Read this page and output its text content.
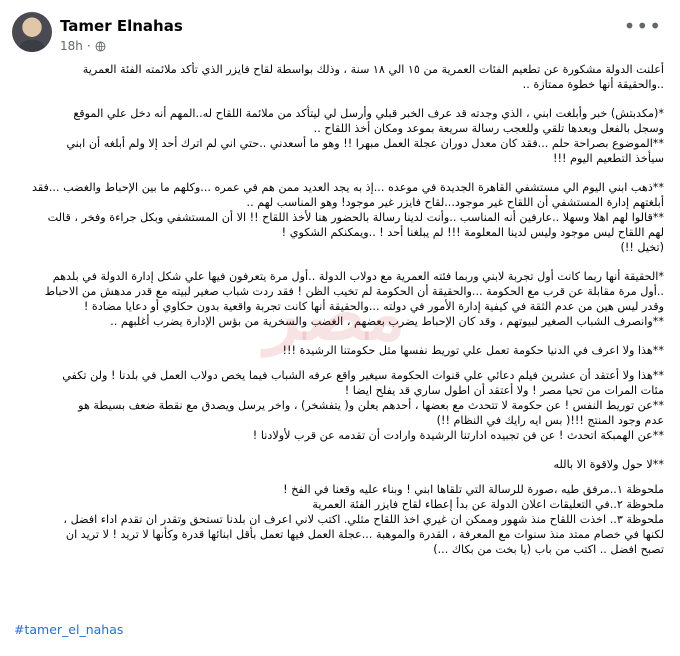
Tamer Elnahas
18h ·
•••

أعلنت الدولة مشكورة عن تطعيم الفئات العمرية من ١٥ الي ١٨ سنة ، وذلك بواسطة لقاح فايزر الذي تأكد ملائمته الفئة العمرية
..والحقيقة أنها خطوة ممتازة ..

*(مكدبتش) خبر وأبلغت ابني ، الذي وجدته قد عرف الخبر قبلي وأرسل لي ليتأكد من ملائمة اللقاح له..المهم أنه دخل علي الموقع
وسجل بالفعل وبعدها تلقي وللعجب رسالة سريعة بموعد ومكان أخذ اللقاح ..
**الموضوع بصراحة حلم ...فقد كان معدل دوران عجلة العمل مبهرا !! وهو ما أسعدني ..حتي اني لم اترك أحد إلا ولم أبلغه أن ابني
سيأخذ التطعيم اليوم !!!

**ذهب ابني اليوم الي مستشفي القاهرة الجديدة في موعده ...إذ به يجد العديد ممن هم في عمره ...وكلهم ما بين الإحباط والغضب ...فقد
أبلغتهم إدارة المستشفي أن اللقاح غير موجود...لقاح فايزر غير موجود! وهو المناسب لهم ..
**قالوا لهم اهلا وسهلا ..عارفين أنه المناسب ..وأنت لدينا رسالة بالحضور هنا لأخذ اللقاح !! الا أن المستشفي وبكل جراءة وفخر ، قالت
لهم اللقاح ليس موجود وليس لدينا المعلومة !!! لم يبلغنا أحد ! ..ويمكنكم الشكوي !
(تخيل !!)

*الحقيقة أنها ربما كانت أول تجربة لابني وربما فئته العمرية مع دولاب الدولة ..أول مرة يتعرفون فيها علي شكل إدارة الدولة في بلدهم
..أول مرة مقابلة عن قرب مع الحكومة ...والحقيقة أن الحكومة لم تخيب الظن ! فقد ردت شباب صغير لبيته مع قدر مدهش من الاحباط
وقدر ليس هين من عدم الثقة في كيفية إدارة الأمور في دولته ...والحقيقة أنها كانت تجربة واقعية بدون حكاوي أو دعايا مضادة !
**وانصرف الشباب الصغير لبيوتهم ، وقد كان الإحباط يضرب بعضهم ، الغضب والسخرية من بؤس الإدارة يضرب أغلبهم ..

**هذا ولا اعرف في الدنيا حكومة تعمل علي توريط نفسها مثل حكومتنا الرشيدة !!!

**هذا ولا أعتقد أن عشرين فيلم دعائي علي قنوات الحكومة سيغير واقع عرفه الشباب فيما يخص دولاب العمل في بلدنا ! ولن تكفي
مئات المرات من تحيا مصر ! ولا أعتقد أن اطول ساري قد يفلح ايضا !
**عن توريط النفس ! عن حكومة لا تتحدث مع بعضها ، أحدهم يعلن و( يتفشخر) ، واخر يرسل ويصدق مع نقطة ضعف بسيطة هو
عدم وجود المنتج !!!( بس ايه رايك في النظام !!)
**عن الهمبكة اتحدث ! عن فن تجبيده ادارتنا الرشيدة وارادت أن تقدمه عن قرب لأولادنا !

**لا حول ولاقوة الا بالله

ملحوظة ١..مرفق طيه ،صورة للرسالة التي تلقاها ابني ! وبناء عليه وقعنا في الفخ !
ملحوظة ٢..في التعليقات اعلان الدولة عن بدأ إعطاء لقاح فايزر الفئة العمرية
ملحوظة ٣.. اخذت اللقاح منذ شهور وممكن ان غيري اخذ اللقاح مثلي. اكتب لاني اعرف ان بلدنا تستحق وتقدر ان تقدم اداء افضل ،
لكنها في خصام ممتد منذ سنوات مع المعرفة ، القدرة والموهبة ...عجلة العمل فيها تعمل بأقل ابنائها قدرة وكأنها لا تريد ! لا تريد ان
تصبح افضل .. اكتب من باب (يا بخت من بكاك ...)

مصر
#tamer_el_nahas
